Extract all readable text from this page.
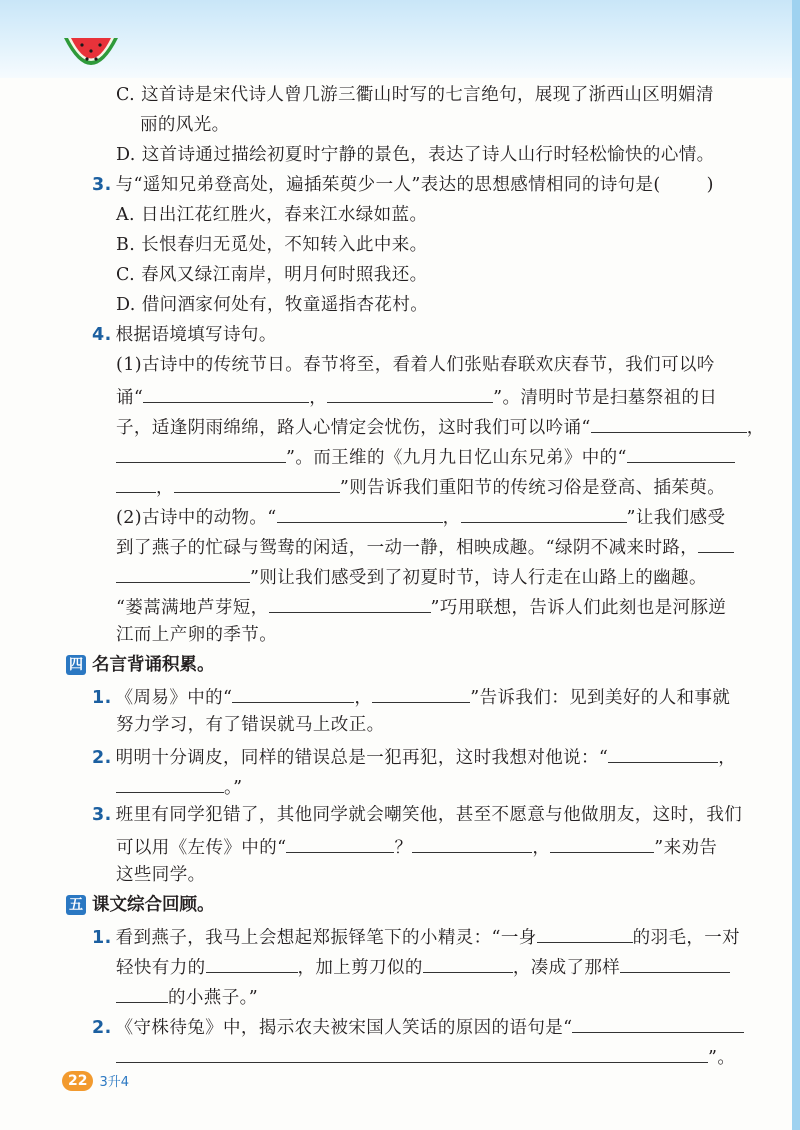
C. 这首诗是宋代诗人曾几游三衢山时写的七言绝句，展现了浙西山区明媚清
丽的风光。
D. 这首诗通过描绘初夏时宁静的景色，表达了诗人山行时轻松愉快的心情。
3. 与“遥知兄弟登高处，遍插茱萸少一人”表达的思想感情相同的诗句是(	)
A. 日出江花红胜火，春来江水绿如蓝。
B. 长恨春归无觅处，不知转入此中来。
C. 春风又绿江南岸，明月何时照我还。
D. 借问酒家何处有，牧童遥指杏花村。
4. 根据语境填写诗句。
(1)古诗中的传统节日。春节将至，看着人们张贴春联欢庆春节，我们可以吟
诵“	，	”。清明时节是扫墓祭祖的日
子，适逢阴雨绵绵，路人心情定会忧伤，这时我们可以吟诵“	，
”。而王维的《九月九日忆山东兄弟》中的“
，	”则告诉我们重阳节的传统习俗是登高、插茱萸。
(2)古诗中的动物。“	，	”让我们感受
到了燕子的忙碌与鸳鸯的闲适，一动一静，相映成趣。“绿阴不减来时路，
”则让我们感受到了初夏时节，诗人行走在山路上的幽趣。
“蒌蒿满地芦芽短，	”巧用联想，告诉人们此刻也是河豚逆
江而上产卵的季节。
四 名言背诵积累。
1. 《周易》中的“	，	”告诉我们：见到美好的人和事就
努力学习，有了错误就马上改正。
2. 明明十分调皮，同样的错误总是一犯再犯，这时我想对他说：“	，
。”
3. 班里有同学犯错了，其他同学就会嘲笑他，甚至不愿意与他做朋友，这时，我们
可以用《左传》中的“	？	，	”来劝告
这些同学。
五 课文综合回顾。
1. 看到燕子，我马上会想起郑振铎笔下的小精灵：“一身	的羽毛，一对
轻快有力的	，加上剪刀似的	，凑成了那样
的小燕子。”
2. 《守株待兔》中，揭示农夫被宋国人笑话的原因的语句是“
”。
22 3升4
